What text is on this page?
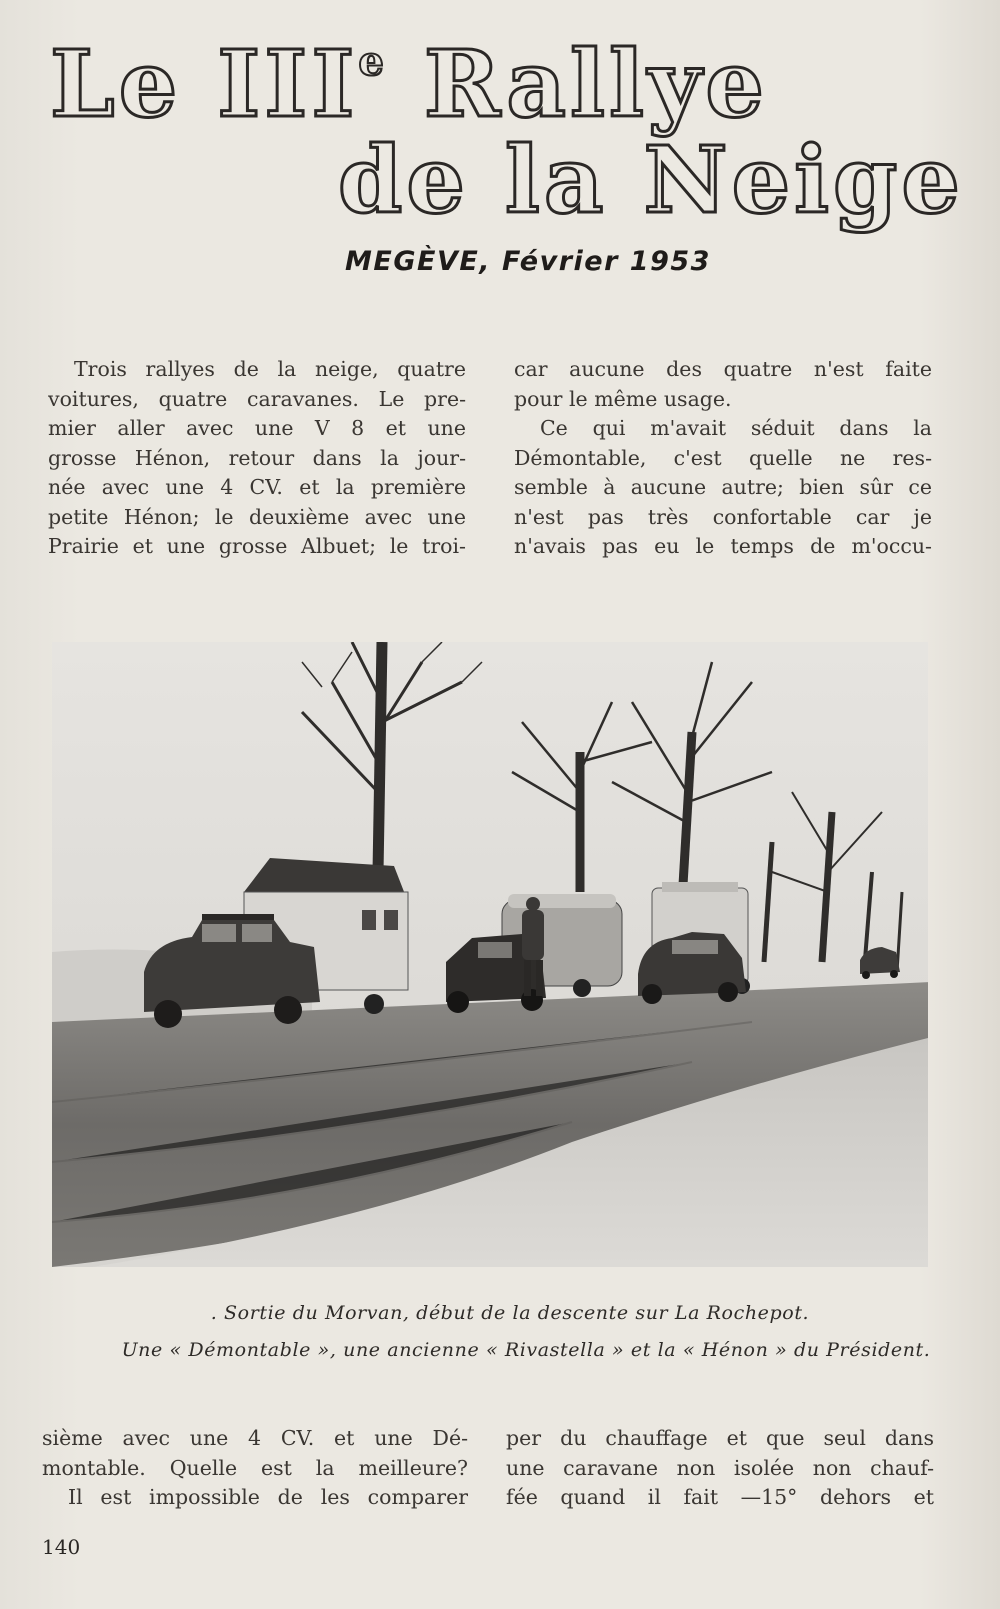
Le IIIe Rallye
de la Neige
MEGÈVE, Février 1953
Trois rallyes de la neige, quatre
voitures, quatre caravanes. Le pre-
mier aller avec une V 8 et une
grosse Hénon, retour dans la jour-
née avec une 4 CV. et la première
petite Hénon; le deuxième avec une
Prairie et une grosse Albuet; le troi-
car aucune des quatre n'est faite
pour le même usage.
Ce qui m'avait séduit dans la
Démontable, c'est quelle ne res-
semble à aucune autre; bien sûr ce
n'est pas très confortable car je
n'avais pas eu le temps de m'occu-
. Sortie du Morvan, début de la descente sur La Rochepot.
Une « Démontable », une ancienne « Rivastella » et la « Hénon » du Président.
sième avec une 4 CV. et une Dé-
montable. Quelle est la meilleure?
Il est impossible de les comparer
per du chauffage et que seul dans
une caravane non isolée non chauf-
fée quand il fait —15° dehors et
140
